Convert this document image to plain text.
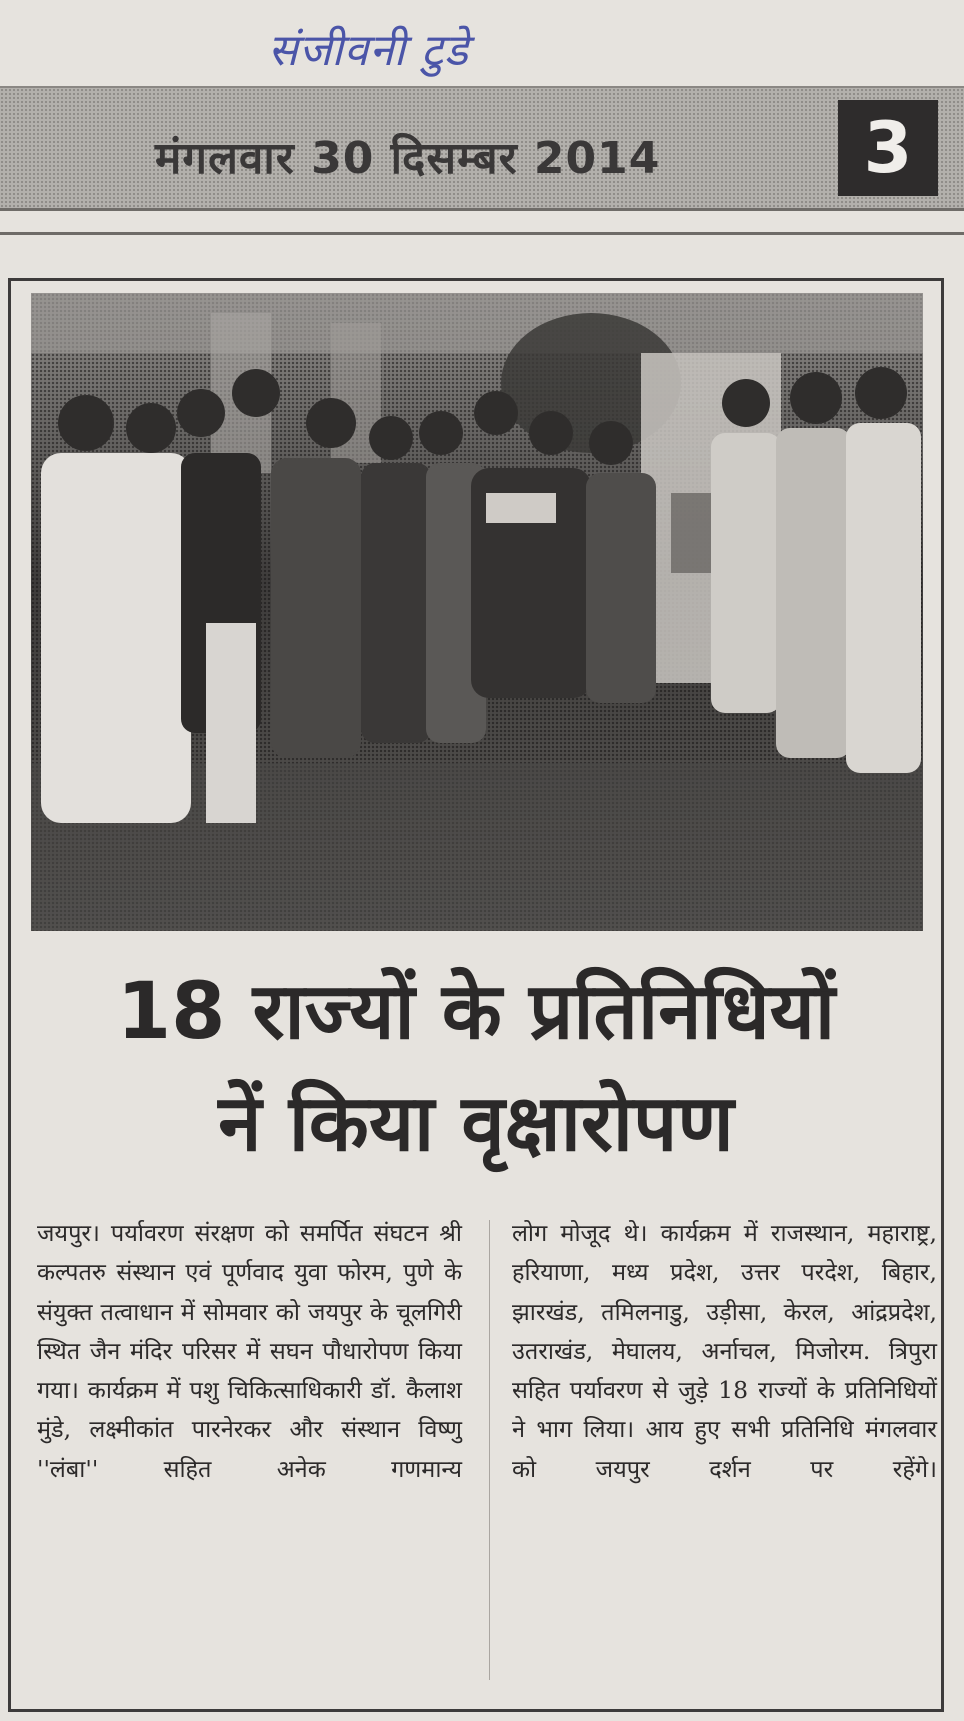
संजीवनी टुडे
मंगलवार 30 दिसम्बर 2014	3
18 राज्यों के प्रतिनिधियों
नें किया वृक्षारोपण
जयपुर। पर्यावरण संरक्षण को समर्पित संघटन श्री कल्पतरु संस्थान एवं पूर्णवाद युवा फोरम, पुणे के संयुक्त तत्वाधान में सोमवार को जयपुर के चूलगिरी स्थित जैन मंदिर परिसर में सघन पौधारोपण किया गया। कार्यक्रम में पशु चिकित्साधिकारी डॉ. कैलाश मुंडे, लक्ष्मीकांत पारनेरकर और संस्थान विष्णु ''लंबा'' सहित अनेक गणमान्य
लोग मोजूद थे। कार्यक्रम में राजस्थान, महाराष्ट्र, हरियाणा, मध्य प्रदेश, उत्तर परदेश, बिहार, झारखंड, तमिलनाडु, उड़ीसा, केरल, आंद्रप्रदेश, उतराखंड, मेघालय, अर्नाचल, मिजोरम. त्रिपुरा सहित पर्यावरण से जुड़े 18 राज्यों के प्रतिनिधियों ने भाग लिया। आय हुए सभी प्रतिनिधि मंगलवार को जयपुर दर्शन पर रहेंगे।
